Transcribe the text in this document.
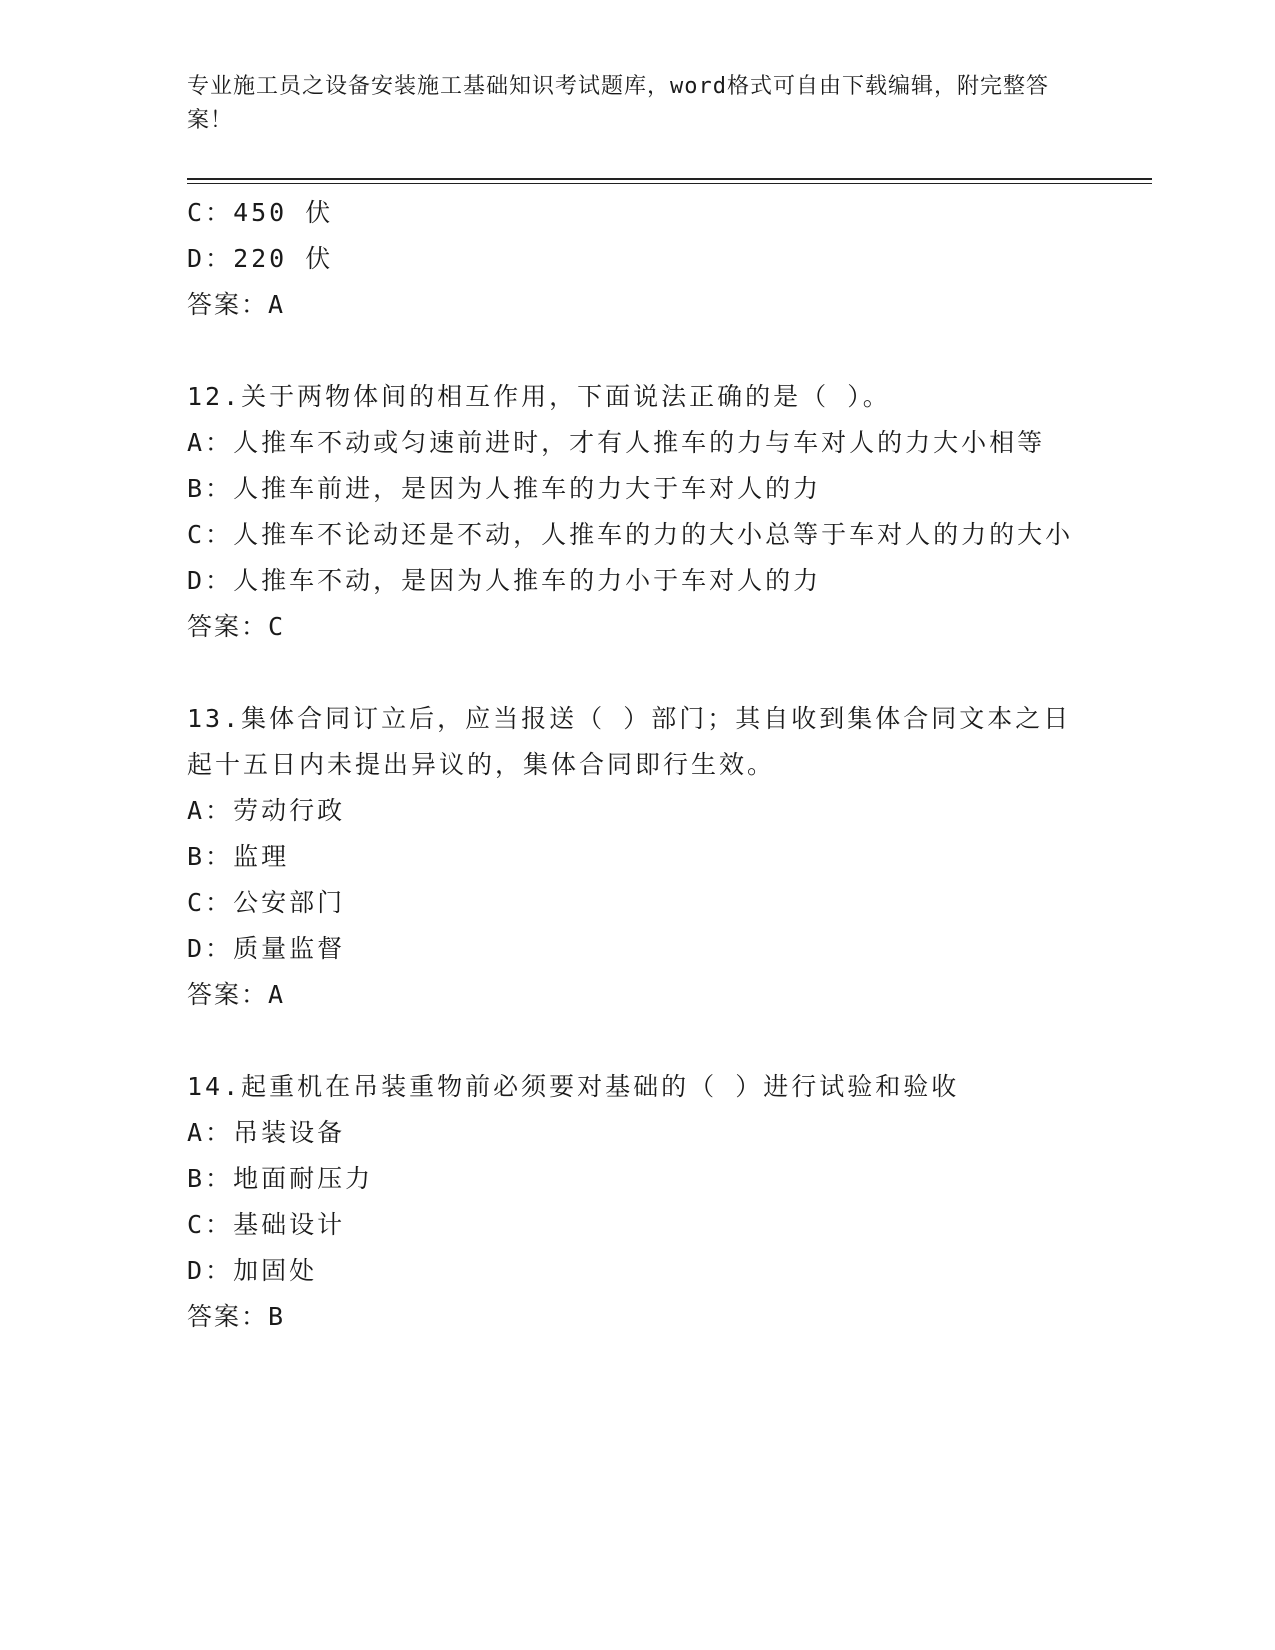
专业施工员之设备安装施工基础知识考试题库，word格式可自由下载编辑，附完整答案！
C：450 伏
D：220 伏
答案：A
12.关于两物体间的相互作用，下面说法正确的是（ ）。
A：人推车不动或匀速前进时，才有人推车的力与车对人的力大小相等
B：人推车前进，是因为人推车的力大于车对人的力
C：人推车不论动还是不动，人推车的力的大小总等于车对人的力的大小
D：人推车不动，是因为人推车的力小于车对人的力
答案：C
13.集体合同订立后，应当报送（ ）部门；其自收到集体合同文本之日起十五日内未提出异议的，集体合同即行生效。
A：劳动行政
B：监理
C：公安部门
D：质量监督
答案：A
14.起重机在吊装重物前必须要对基础的（ ）进行试验和验收
A：吊装设备
B：地面耐压力
C：基础设计
D：加固处
答案：B
